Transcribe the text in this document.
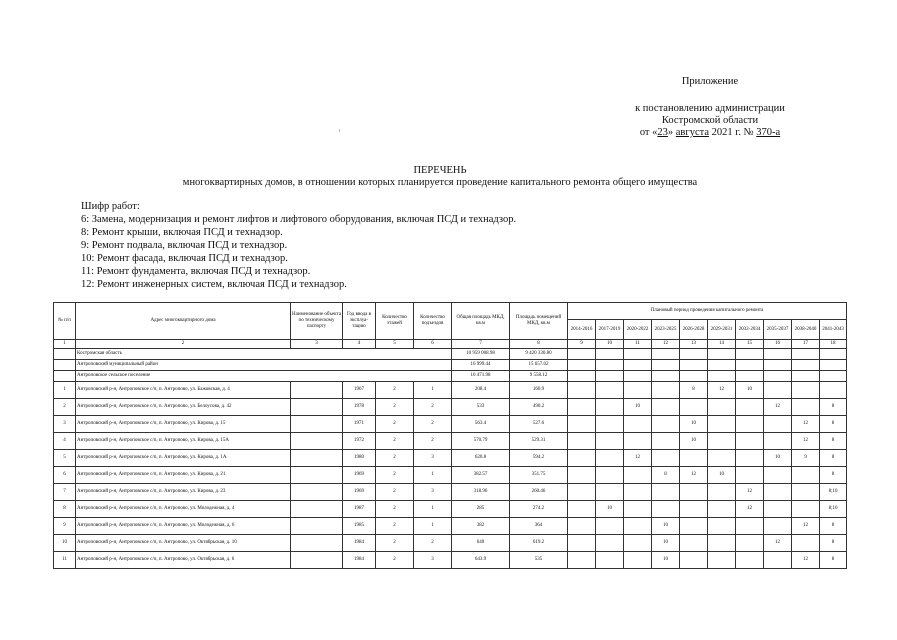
Приложение
к постановлению администрации
Костромской области
от «23» августа 2021 г. № 370-а
ПЕРЕЧЕНЬ
многоквартирных домов, в отношении которых планируется проведение капитального ремонта общего имущества
Шифр работ:
6: Замена, модернизация и ремонт лифтов и лифтового оборудования, включая ПСД и технадзор.
8: Ремонт крыши, включая ПСД и технадзор.
9: Ремонт подвала, включая ПСД и технадзор.
10: Ремонт фасада, включая ПСД и технадзор.
11: Ремонт фундамента, включая ПСД и технадзор.
12: Ремонт инженерных систем, включая ПСД и технадзор.
№ п/п	Адрес многоквартирного дома	Наименование объекта по техническому паспорту	Год ввода в эксплуа-тацию	Количество этажей	Количество подъездов	Общая площадь МКД, кв.м	Площадь помещений МКД, кв.м	Плановый период проведения капитального ремонта									
								2014-2016	2017-2019	2020-2022	2023-2025	2026-2028	2029-2031	2032-2034	2035-2037	2038-2040	2041-2043
1	2	3	4	5	6	7	8	9	10	11	12	13	14	15	16	17	18
	Костромская область					10 959 008.98	9 420 330.80										
	Антроповский муниципальный район					16 999.44	15 657.02										
	Антроповское сельское поселение					10 471.98	9 558.12										
1	Антроповский р-н, Антроповское с/п, п. Антропово, ул. Бажовская, д. 4		1967	2	1	208.4	160.9					8	12	10			
2	Антроповский р-н, Антроповское с/п, п. Антропово, ул. Белоусова, д. 42		1978	2	2	533	490.2			10					12		8
3	Антроповский р-н, Антроповское с/п, п. Антропово, ул. Кирова, д. 15		1971	2	2	563.4	527.6					10				12	8
4	Антроповский р-н, Антроповское с/п, п. Антропово, ул. Кирова, д. 15А		1972	2	2	570.79	529.31					10				12	8
5	Антроповский р-н, Антроповское с/п, п. Антропово, ул. Кирова, д. 1А		1980	2	3	620.8	594.2			12					10	9	8
6	Антроповский р-н, Антроповское с/п, п. Антропово, ул. Кирова, д. 21		1969	2	1	382.57	351.75				8	12	10				8
7	Антроповский р-н, Антроповское с/п, п. Антропово, ул. Кирова, д. 23		1969	2	3	318.96	260.46							12			8;10
8	Антроповский р-н, Антроповское с/п, п. Антропово, ул. Молодежная, д. 4		1987	2	1	285	274.2		10					12			8;10
9	Антроповский р-н, Антроповское с/п, п. Антропово, ул. Молодежная, д. 6		1985	2	1	382	364				10					12	8
10	Антроповский р-н, Антроповское с/п, п. Антропово, ул. Октябрьская, д. 10		1984	2	2	640	619.2				10				12		8
11	Антроповский р-н, Антроповское с/п, п. Антропово, ул. Октябрьская, д. 6		1984	2	3	643.9	535				10					12	8
